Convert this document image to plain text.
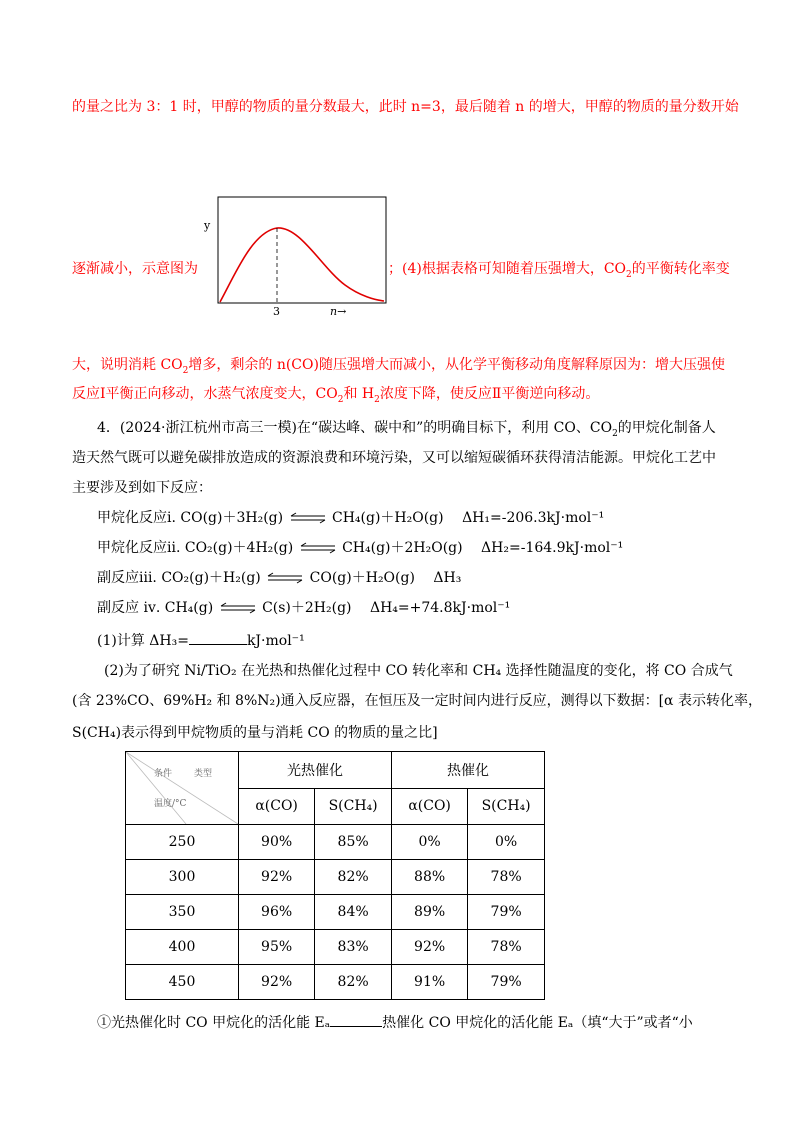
的量之比为 3：1 时，甲醇的物质的量分数最大，此时 n=3，最后随着 n 的增大，甲醇的物质的量分数开始
y
3	n→
逐渐减小，示意图为	；(4)根据表格可知随着压强增大，$CO_2$的平衡转化率变
大，说明消耗 $CO_2$增多，剩余的 n(CO)随压强增大而减小，从化学平衡移动角度解释原因为：增大压强使
反应Ⅰ平衡正向移动，水蒸气浓度变大，$CO_2$和 $H_2$浓度下降，使反应Ⅱ平衡逆向移动。
4．(2024·浙江杭州市高三一模)在“碳达峰、碳中和”的明确目标下，利用 CO、$CO_2$的甲烷化制备人
造天然气既可以避免碳排放造成的资源浪费和环境污染，又可以缩短碳循环获得清洁能源。甲烷化工艺中
主要涉及到如下反应：
甲烷化反应ⅰ. CO(g)＋3H₂(g) ⇌ CH₄(g)＋H₂O(g) ΔH₁=-206.3kJ·mol⁻¹
甲烷化反应ⅱ. CO₂(g)＋4H₂(g) ⇌ CH₄(g)＋2H₂O(g) ΔH₂=-164.9kJ·mol⁻¹
副反应ⅲ. CO₂(g)＋H₂(g) ⇌ CO(g)＋H₂O(g) ΔH₃
副反应 ⅳ. CH₄(g) ⇌ C(s)＋2H₂(g) ΔH₄=+74.8kJ·mol⁻¹
(1)计算 ΔH₃=	kJ·mol⁻¹
(2)为了研究 Ni/TiO₂ 在光热和热催化过程中 CO 转化率和 CH₄ 选择性随温度的变化，将 CO 合成气
(含 23%CO、69%H₂ 和 8%N₂)通入反应器，在恒压及一定时间内进行反应，测得以下数据：[α 表示转化率，
S(CH₄)表示得到甲烷物质的量与消耗 CO 的物质的量之比]
条件 类型
温度/°C	光热催化		热催化	
	α(CO)	S(CH₄)	α(CO)	S(CH₄)
250	90%	85%	0%	0%
300	92%	82%	88%	78%
350	96%	84%	89%	79%
400	95%	83%	92%	78%
450	92%	82%	91%	79%
①光热催化时 CO 甲烷化的活化能 Eₐ	热催化 CO 甲烷化的活化能 Eₐ（填“大于”或者“小
